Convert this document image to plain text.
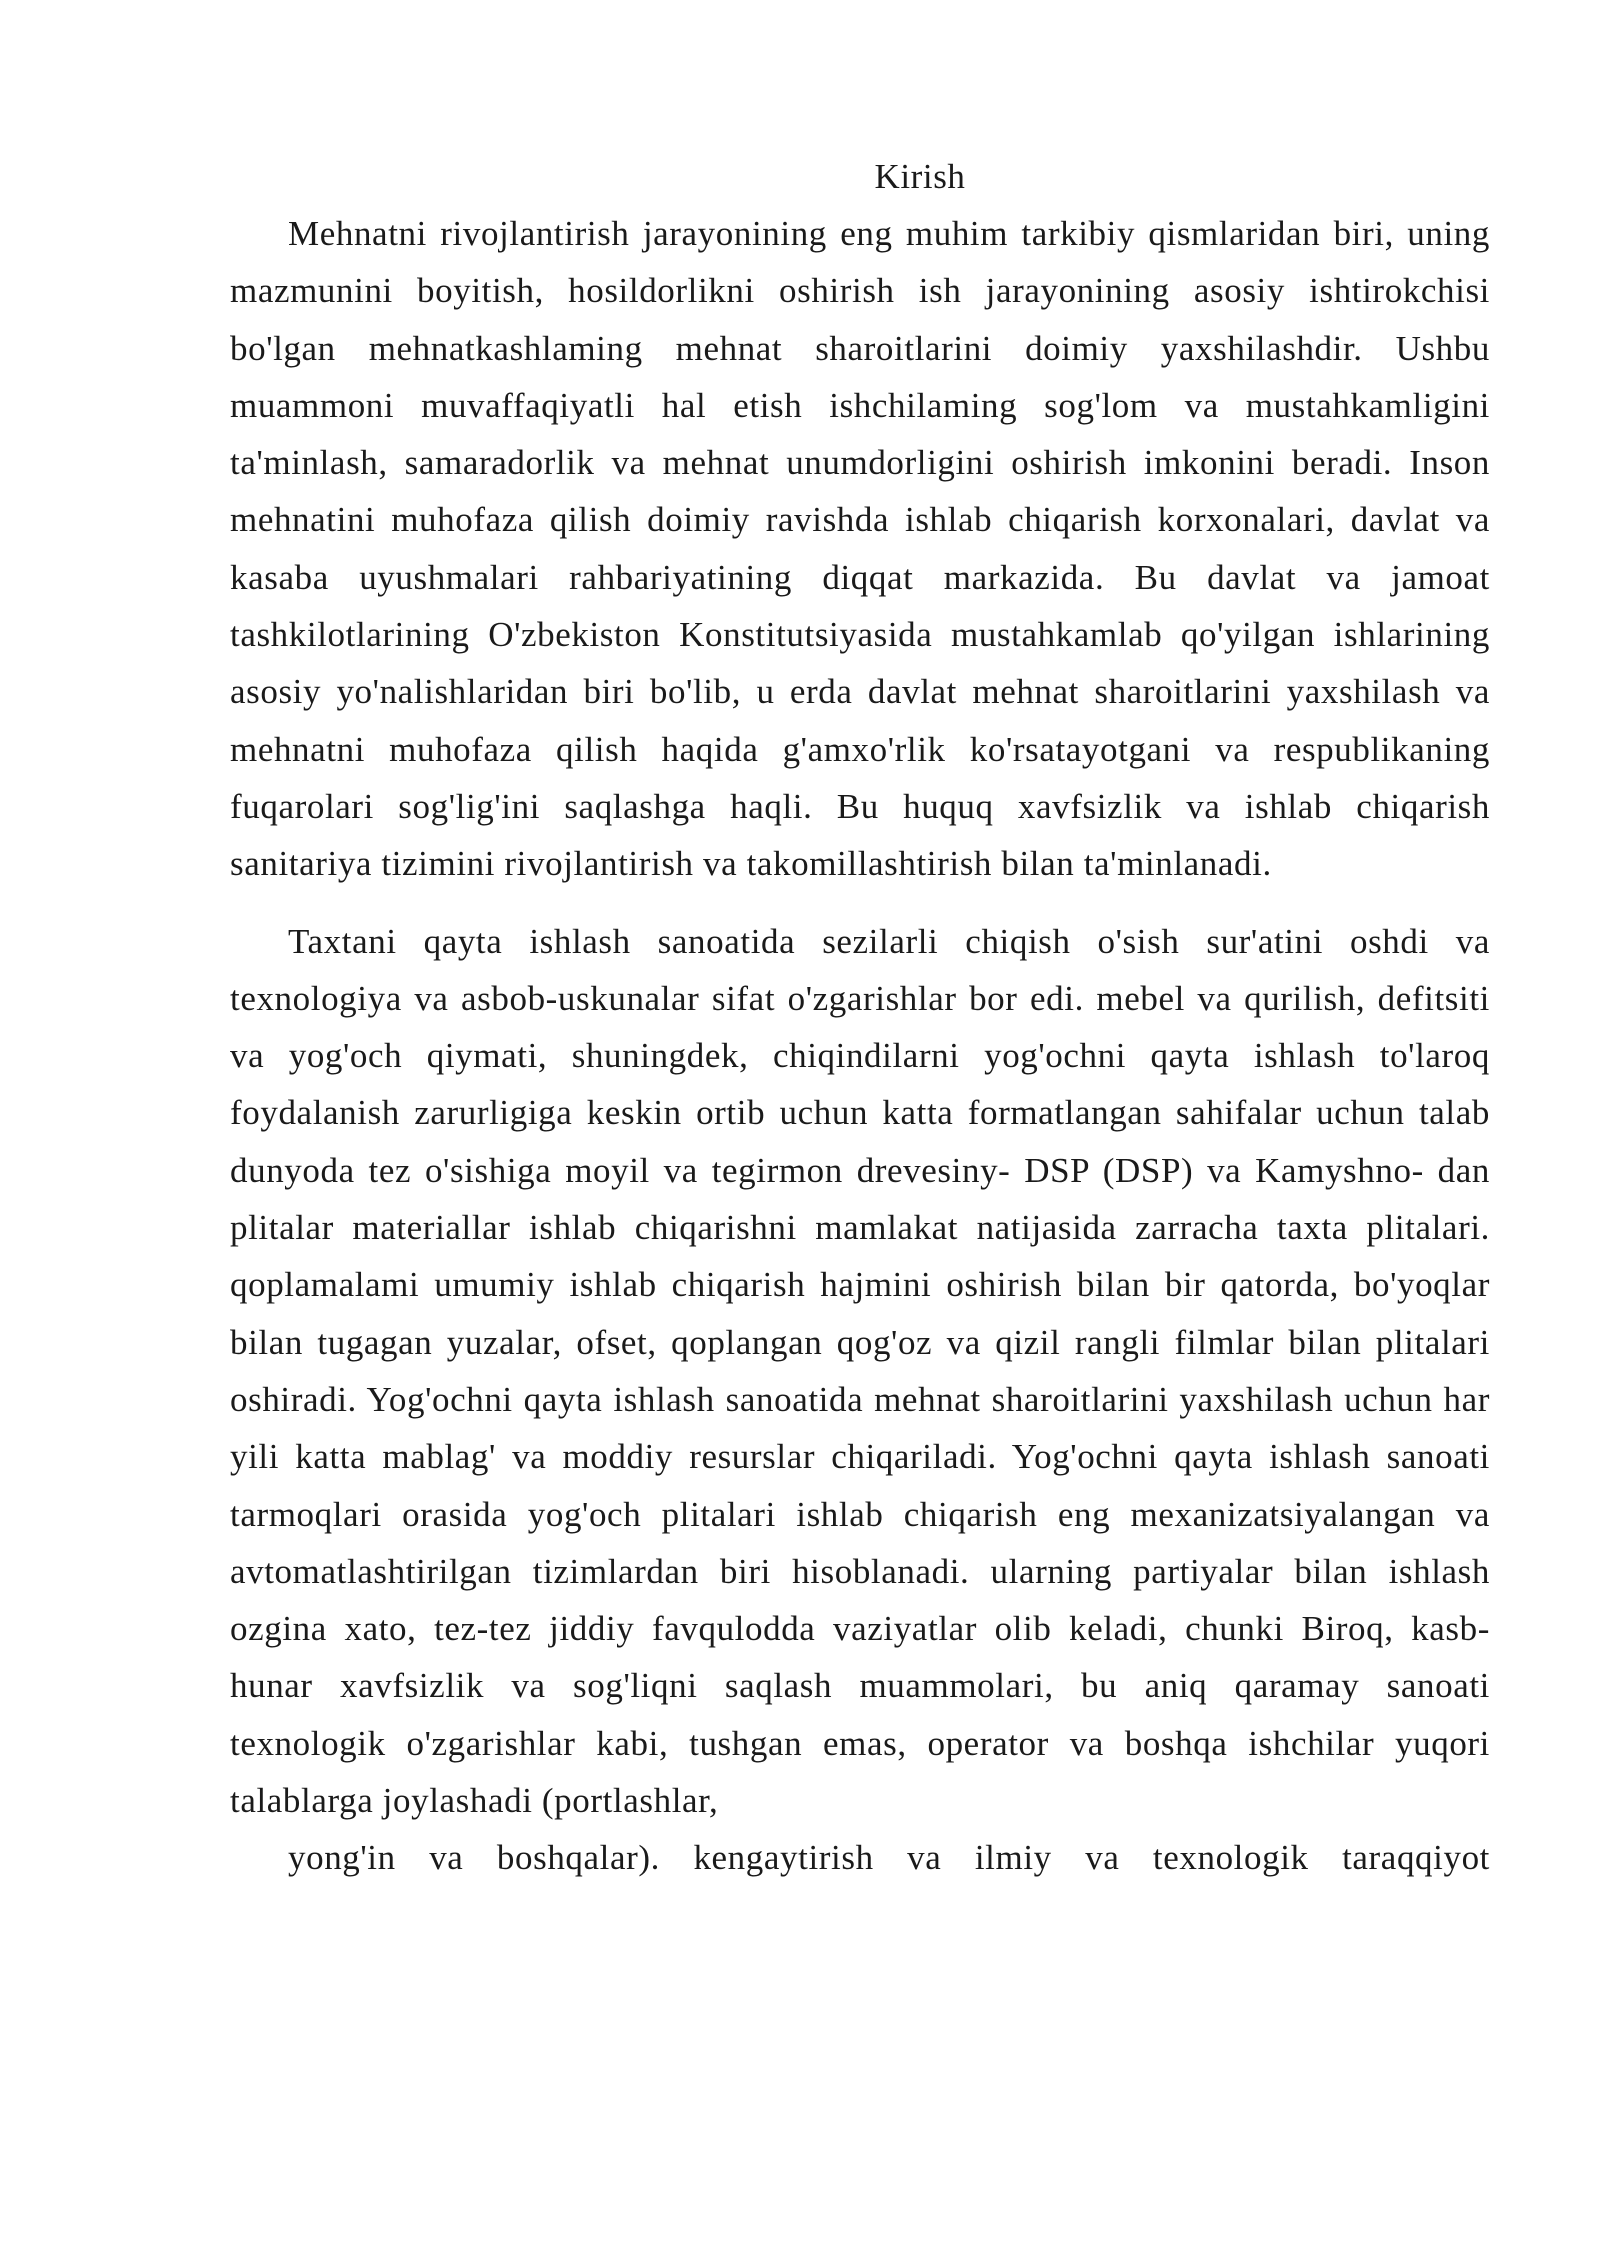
Kirish

Mehnatni rivojlantirish jarayonining eng muhim tarkibiy qismlaridan biri, uning mazmunini boyitish, hosildorlikni oshirish ish jarayonining asosiy ishtirokchisi bo'lgan mehnatkashlaming mehnat sharoitlarini doimiy yaxshilashdir. Ushbu muammoni muvaffaqiyatli hal etish ishchilaming sog'lom va mustahkamligini ta'minlash, samaradorlik va mehnat unumdorligini oshirish imkonini beradi. Inson mehnatini muhofaza qilish doimiy ravishda ishlab chiqarish korxonalari, davlat va kasaba uyushmalari rahbariyatining diqqat markazida. Bu davlat va jamoat tashkilotlarining O'zbekiston Konstitutsiyasida mustahkamlab qo'yilgan ishlarining asosiy yo'nalishlaridan biri bo'lib, u erda davlat mehnat sharoitlarini yaxshilash va mehnatni muhofaza qilish haqida g'amxo'rlik ko'rsatayotgani va respublikaning fuqarolari sog'lig'ini saqlashga haqli. Bu huquq xavfsizlik va ishlab chiqarish sanitariya tizimini rivojlantirish va takomillashtirish bilan ta'minlanadi.

Taxtani qayta ishlash sanoatida sezilarli chiqish o'sish sur'atini oshdi va texnologiya va asbob-uskunalar sifat o'zgarishlar bor edi. mebel va qurilish, defitsiti va yog'och qiymati, shuningdek, chiqindilarni yog'ochni qayta ishlash to'laroq foydalanish zarurligiga keskin ortib uchun katta formatlangan sahifalar uchun talab dunyoda tez o'sishiga moyil va tegirmon drevesiny- DSP (DSP) va Kamyshno- dan plitalar materiallar ishlab chiqarishni mamlakat natijasida zarracha taxta plitalari. qoplamalami umumiy ishlab chiqarish hajmini oshirish bilan bir qatorda, bo'yoqlar bilan tugagan yuzalar, ofset, qoplangan qog'oz va qizil rangli filmlar bilan plitalari oshiradi. Yog'ochni qayta ishlash sanoatida mehnat sharoitlarini yaxshilash uchun har yili katta mablag' va moddiy resurslar chiqariladi. Yog'ochni qayta ishlash sanoati tarmoqlari orasida yog'och plitalari ishlab chiqarish eng mexanizatsiyalangan va avtomatlashtirilgan tizimlardan biri hisoblanadi. ularning partiyalar bilan ishlash ozgina xato, tez-tez jiddiy favqulodda vaziyatlar olib keladi, chunki Biroq, kasb-hunar xavfsizlik va sog'liqni saqlash muammolari, bu aniq qaramay sanoati texnologik o'zgarishlar kabi, tushgan emas, operator va boshqa ishchilar yuqori talablarga joylashadi (portlashlar,

yong'in va boshqalar). kengaytirish va ilmiy va texnologik taraqqiyot
